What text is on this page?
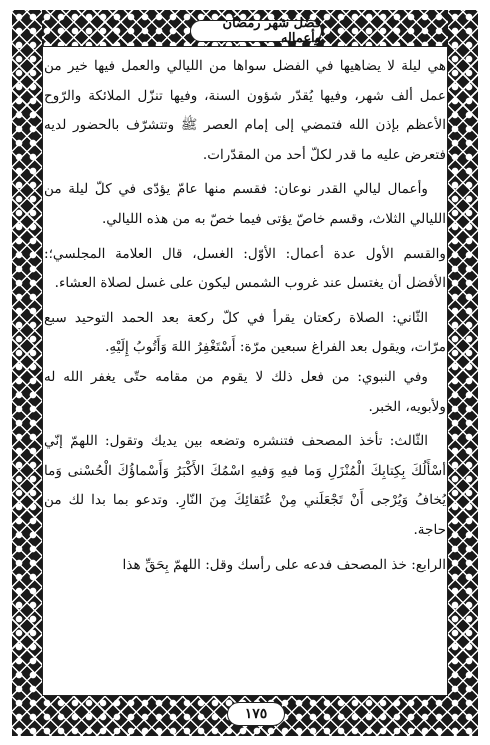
فضل شهر رمضان وأعماله
١٧٥

هي ليلة لا يضاهيها في الفضل سواها من الليالي والعمل فيها خير من عمل ألف شهر، وفيها يُقدّر شؤون السنة، وفيها تنزّل الملائكة والرّوح الأعظم بإذن الله فتمضي إلى إمام العصر ﷺ وتتشرّف بالحضور لديه فتعرض عليه ما قدر لكلّ أحد من المقدّرات.

وأعمال ليالي القدر نوعان: فقسم منها عامّ يؤدّى في كلّ ليلة من الليالي الثلاث، وقسم خاصّ يؤتى فيما خصّ به من هذه الليالي.

والقسم الأول عدة أعمال: الأوّل: الغسل، قال العلامة المجلسي؛: الأفضل أن يغتسل عند غروب الشمس ليكون على غسل لصلاة العشاء.

الثّاني: الصلاة ركعتان يقرأ في كلّ ركعة بعد الحمد التوحيد سبع مرّات، ويقول بعد الفراغ سبعين مرّة: أَسْتَغْفِرُ اللهَ وَأَتُوبُ إِلَيْهِ.

وفي النبوي: من فعل ذلك لا يقوم من مقامه حتّى يغفر الله له ولأبويه، الخبر.

الثّالث: تأخذ المصحف فتنشره وتضعه بين يديك وتقول: اللهمّ إنّي أسْأَلُكَ بِكِتابِكَ الْمُنْزَلِ وَما فيهِ وَفيهِ اسْمُكَ الأَكْبَرُ وَأَسْماؤُكَ الْحُسْنى وَما يُخافُ وَيُرْجى أَنْ تَجْعَلَني مِنْ عُتَقائِكَ مِنَ النّارِ. وتدعو بما بدا لك من حاجة.

الرابع: خذ المصحف فدعه على رأسك وقل: اللهمّ بِحَقِّ هذا
